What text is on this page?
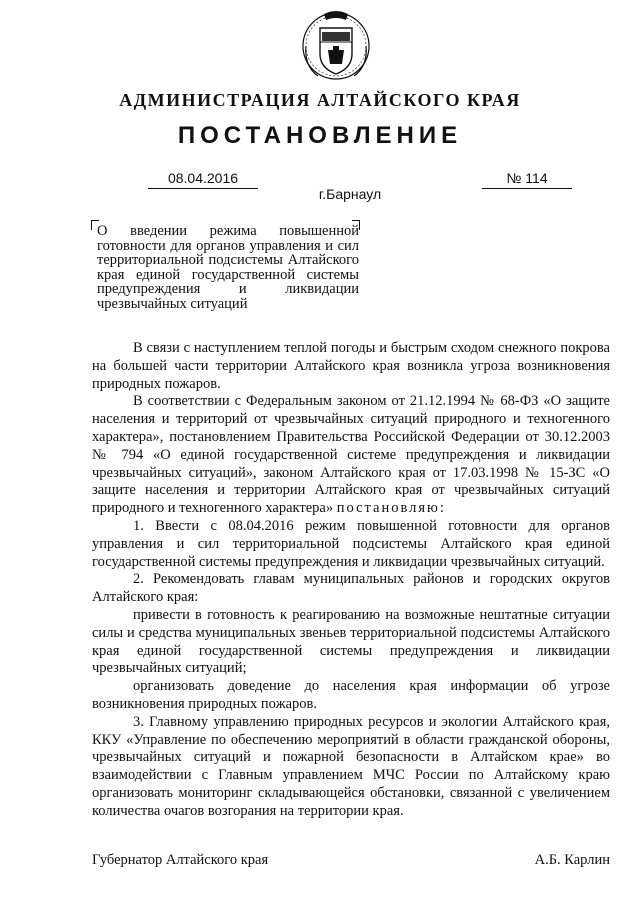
АДМИНИСТРАЦИЯ АЛТАЙСКОГО КРАЯ
ПОСТАНОВЛЕНИЕ
08.04.2016	№ 114
г.Барнаул
О введении режима повышенной готовности для органов управления и сил территориальной подсистемы Алтайского края единой государственной системы предупреждения и ликвидации чрезвычайных ситуаций

В связи с наступлением теплой погоды и быстрым сходом снежного покрова на большей части территории Алтайского края возникла угроза возникновения природных пожаров.

В соответствии с Федеральным законом от 21.12.1994 № 68-ФЗ «О защите населения и территорий от чрезвычайных ситуаций природного и техногенного характера», постановлением Правительства Российской Федерации от 30.12.2003 № 794 «О единой государственной системе предупреждения и ликвидации чрезвычайных ситуаций», законом Алтайского края от 17.03.1998 № 15-ЗС «О защите населения и территории Алтайского края от чрезвычайных ситуаций природного и техногенного характера» постановляю:

1. Ввести с 08.04.2016 режим повышенной готовности для органов управления и сил территориальной подсистемы Алтайского края единой государственной системы предупреждения и ликвидации чрезвычайных ситуаций.

2. Рекомендовать главам муниципальных районов и городских округов Алтайского края:

привести в готовность к реагированию на возможные нештатные ситуации силы и средства муниципальных звеньев территориальной подсистемы Алтайского края единой государственной системы предупреждения и ликвидации чрезвычайных ситуаций;

организовать доведение до населения края информации об угрозе возникновения природных пожаров.

3. Главному управлению природных ресурсов и экологии Алтайского края, ККУ «Управление по обеспечению мероприятий в области гражданской обороны, чрезвычайных ситуаций и пожарной безопасности в Алтайском крае» во взаимодействии с Главным управлением МЧС России по Алтайскому краю организовать мониторинг складывающейся обстановки, связанной с увеличением количества очагов возгорания на территории края.

Губернатор Алтайского края	А.Б. Карлин
